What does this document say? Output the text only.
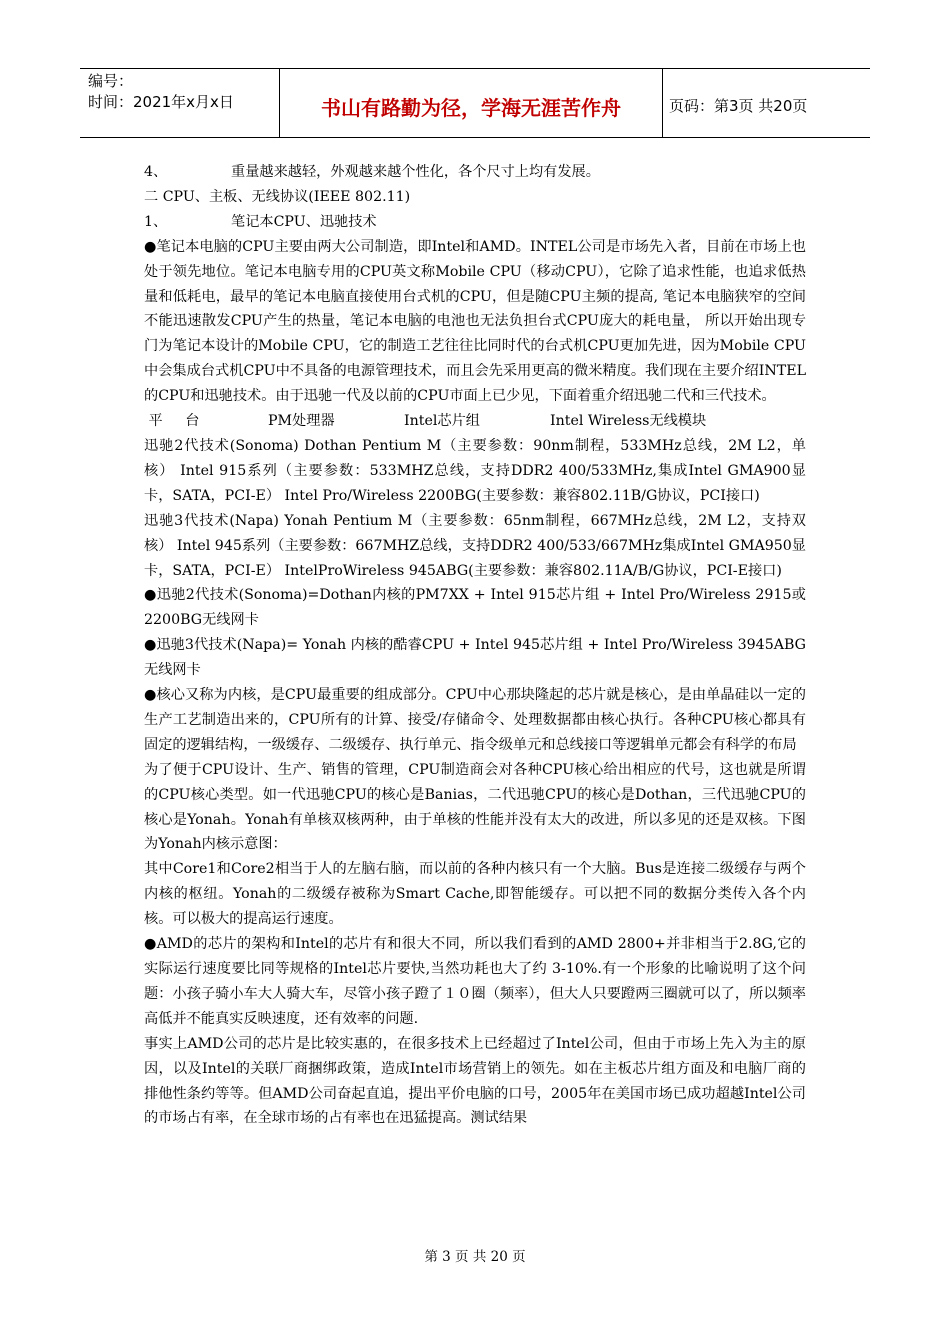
编号：
时间：2021年x月x日	书山有路勤为径，学海无涯苦作舟	页码：第3页 共20页
4、	重量越来越轻，外观越来越个性化，各个尺寸上均有发展。

二 CPU、主板、无线协议(IEEE 802.11)

1、	笔记本CPU、迅驰技术

●笔记本电脑的CPU主要由两大公司制造，即Intel和AMD。INTEL公司是市场先入者，目前在市场上也处于领先地位。笔记本电脑专用的CPU英文称Mobile CPU（移动CPU），它除了追求性能，也追求低热量和低耗电，最早的笔记本电脑直接使用台式机的CPU，但是随CPU主频的提高, 笔记本电脑狭窄的空间不能迅速散发CPU产生的热量，笔记本电脑的电池也无法负担台式CPU庞大的耗电量， 所以开始出现专门为笔记本设计的Mobile CPU，它的制造工艺往往比同时代的台式机CPU更加先进，因为Mobile CPU中会集成台式机CPU中不具备的电源管理技术，而且会先采用更高的微米精度。我们现在主要介绍INTEL的CPU和迅驰技术。由于迅驰一代及以前的CPU市面上已少见，下面着重介绍迅驰二代和三代技术。

平     台	PM处理器	Intel芯片组	Intel Wireless无线模块

迅驰2代技术(Sonoma) Dothan Pentium M（主要参数：90nm制程，533MHz总线，2M L2，单核） Intel 915系列（主要参数：533MHZ总线，支持DDR2 400/533MHz,集成Intel GMA900显卡，SATA，PCI-E） Intel Pro/Wireless 2200BG(主要参数：兼容802.11B/G协议，PCI接口)

迅驰3代技术(Napa) Yonah Pentium M（主要参数：65nm制程，667MHz总线，2M L2，支持双核） Intel 945系列（主要参数：667MHZ总线，支持DDR2 400/533/667MHz集成Intel GMA950显卡，SATA，PCI-E） IntelProWireless 945ABG(主要参数：兼容802.11A/B/G协议，PCI-E接口)

●迅驰2代技术(Sonoma)=Dothan内核的PM7XX + Intel 915芯片组 + Intel Pro/Wireless 2915或2200BG无线网卡

●迅驰3代技术(Napa)= Yonah 内核的酷睿CPU + Intel 945芯片组 + Intel Pro/Wireless 3945ABG无线网卡

●核心又称为内核，是CPU最重要的组成部分。CPU中心那块隆起的芯片就是核心，是由单晶硅以一定的生产工艺制造出来的，CPU所有的计算、接受/存储命令、处理数据都由核心执行。各种CPU核心都具有固定的逻辑结构，一级缓存、二级缓存、执行单元、指令级单元和总线接口等逻辑单元都会有科学的布局

为了便于CPU设计、生产、销售的管理，CPU制造商会对各种CPU核心给出相应的代号，这也就是所谓的CPU核心类型。如一代迅驰CPU的核心是Banias，二代迅驰CPU的核心是Dothan，三代迅驰CPU的核心是Yonah。Yonah有单核双核两种，由于单核的性能并没有太大的改进，所以多见的还是双核。下图为Yonah内核示意图：

其中Core1和Core2相当于人的左脑右脑，而以前的各种内核只有一个大脑。Bus是连接二级缓存与两个内核的枢纽。Yonah的二级缓存被称为Smart Cache,即智能缓存。可以把不同的数据分类传入各个内核。可以极大的提高运行速度。

●AMD的芯片的架构和Intel的芯片有和很大不同，所以我们看到的AMD 2800+并非相当于2.8G,它的实际运行速度要比同等规格的Intel芯片要快,当然功耗也大了约 3-10%.有一个形象的比喻说明了这个问题：小孩子骑小车大人骑大车，尽管小孩子蹬了１０圈（频率），但大人只要蹬两三圈就可以了，所以频率高低并不能真实反映速度，还有效率的问题.

事实上AMD公司的芯片是比较实惠的，在很多技术上已经超过了Intel公司，但由于市场上先入为主的原因，以及Intel的关联厂商捆绑政策，造成Intel市场营销上的领先。如在主板芯片组方面及和电脑厂商的排他性条约等等。但AMD公司奋起直追，提出平价电脑的口号，2005年在美国市场已成功超越Intel公司的市场占有率，在全球市场的占有率也在迅猛提高。测试结果

第 3 页 共 20 页
